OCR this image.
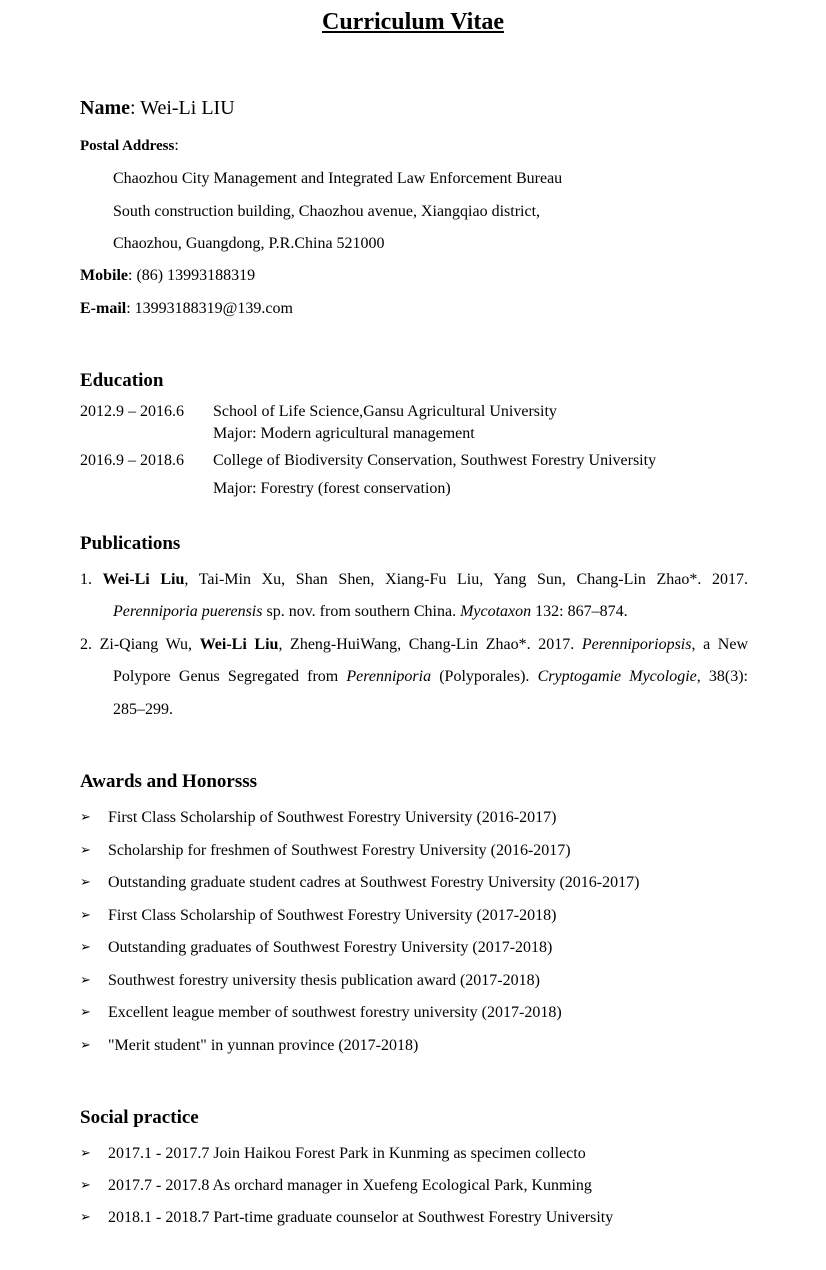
Curriculum Vitae
Name: Wei-Li LIU
Postal Address:
Chaozhou City Management and Integrated Law Enforcement Bureau
South construction building, Chaozhou avenue, Xiangqiao district,
Chaozhou, Guangdong, P.R.China 521000
Mobile: (86) 13993188319
E-mail: 13993188319@139.com
Education
2012.9 – 2016.6 School of Life Science,Gansu Agricultural University
Major: Modern agricultural management
2016.9 – 2018.6 College of Biodiversity Conservation, Southwest Forestry University
Major: Forestry (forest conservation)
Publications
1. Wei-Li Liu, Tai-Min Xu, Shan Shen, Xiang-Fu Liu, Yang Sun, Chang-Lin Zhao*. 2017.
Perenniporia puerensis sp. nov. from southern China. Mycotaxon 132: 867–874.
2. Zi-Qiang Wu, Wei-Li Liu, Zheng-HuiWang, Chang-Lin Zhao*. 2017. Perenniporiopsis, a New
Polypore Genus Segregated from Perenniporia (Polyporales). Cryptogamie Mycologie, 38(3):
285–299.
Awards and Honorsss
➢ First Class Scholarship of Southwest Forestry University (2016-2017)
➢ Scholarship for freshmen of Southwest Forestry University (2016-2017)
➢ Outstanding graduate student cadres at Southwest Forestry University (2016-2017)
➢ First Class Scholarship of Southwest Forestry University (2017-2018)
➢ Outstanding graduates of Southwest Forestry University (2017-2018)
➢ Southwest forestry university thesis publication award (2017-2018)
➢ Excellent league member of southwest forestry university (2017-2018)
➢ "Merit student" in yunnan province (2017-2018)
Social practice
➢ 2017.1 - 2017.7 Join Haikou Forest Park in Kunming as specimen collecto
➢ 2017.7 - 2017.8 As orchard manager in Xuefeng Ecological Park, Kunming
➢ 2018.1 - 2018.7 Part-time graduate counselor at Southwest Forestry University
